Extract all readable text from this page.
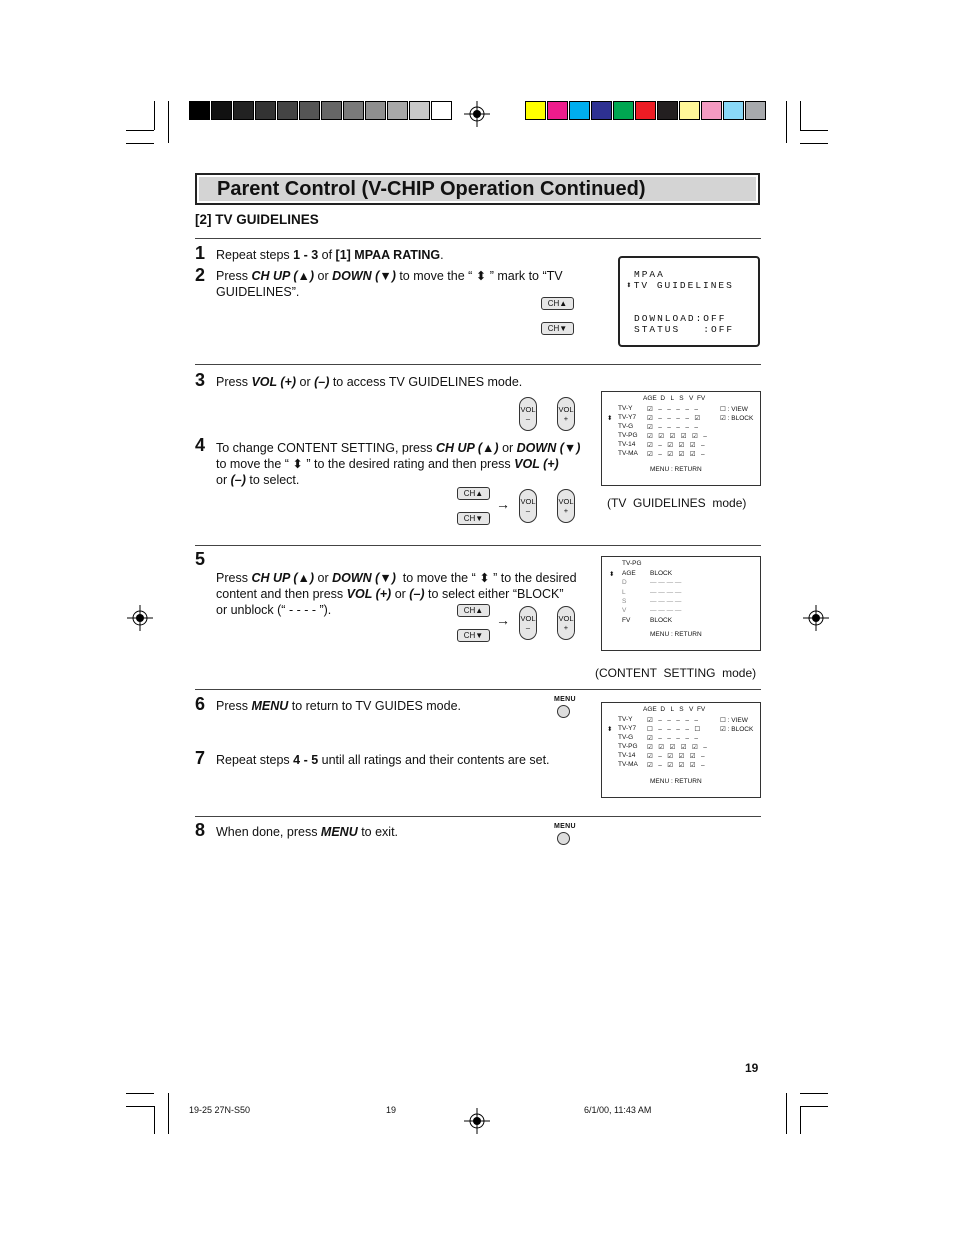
Parent Control (V-CHIP Operation Continued)
[2] TV GUIDELINES
1 Repeat steps 1 - 3 of [1] MPAA RATING.
2 Press CH UP (▲) or DOWN (▼) to move the “ ⬍ ” mark to “TV
GUIDELINES”.
CH▲
CH▼
MPAA
⬍TV GUIDELINES
DOWNLOAD:OFF
STATUS   :OFF
3 Press VOL (+) or (–) to access TV GUIDELINES mode.
VOL
–
VOL
+
4 To change CONTENT SETTING, press CH UP (▲) or DOWN (▼)
to move the “ ⬍ ” to the desired rating and then press VOL (+)
or (–) to select.
CH▲
CH▼
→ VOL
–
VOL
+
AGE  D   L   S   V  FV
⬍
TV-Y ☑   –   –   –   –   –
TV-Y7 ☑   –   –   –   –   ☑
TV-G ☑   –   –   –   –   –
TV-PG ☑   ☑   ☑   ☑   ☑   –
TV-14 ☑   –   ☑   ☑   ☑   –
TV-MA ☑   –   ☑   ☑   ☑   –
☐ : VIEW
☑ : BLOCK
MENU : RETURN
(TV  GUIDELINES  mode)
5

Press CH UP (▲) or DOWN (▼)  to move the “ ⬍ ” to the desired
content and then press VOL (+) or (–) to select either “BLOCK”
or unblock (“ - - - - ”).	CH▲
CH▼
→ VOL
–
VOL
+
TV-PG
⬍ AGE BLOCK
D	— — — —
L	— — — —
S	— — — —
V	— — — —
FV	BLOCK
MENU : RETURN
(CONTENT  SETTING  mode)
6 Press MENU to return to TV GUIDES mode.	MENU
AGE  D   L   S   V  FV
⬍
TV-Y ☑   –   –   –   –   –
TV-Y7 ☐   –   –   –   –   ☐
TV-G ☑   –   –   –   –   –
TV-PG ☑   ☑   ☑   ☑   ☑   –
TV-14 ☑   –   ☑   ☑   ☑   –
TV-MA ☑   –   ☑   ☑   ☑   –
☐ : VIEW
☑ : BLOCK
MENU : RETURN
7 Repeat steps 4 - 5 until all ratings and their contents are set.
8 When done, press MENU to exit.	MENU
19
19-25 27N-S50	19	6/1/00, 11:43 AM
